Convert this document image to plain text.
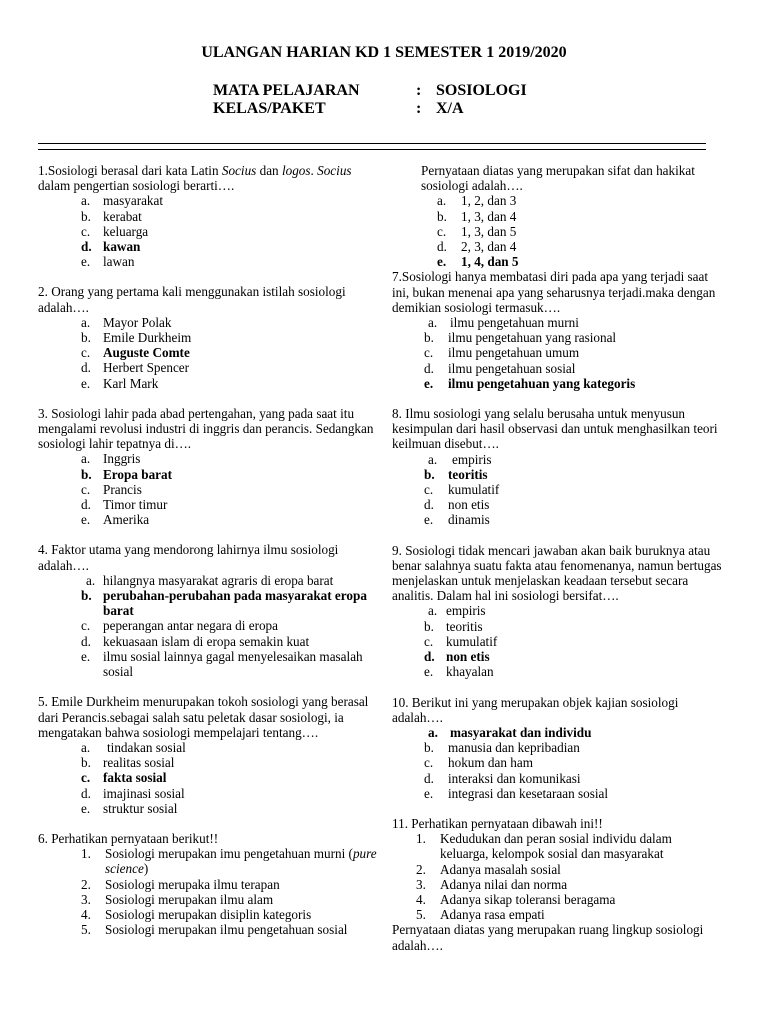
ULANGAN HARIAN KD 1 SEMESTER 1 2019/2020
MATA PELAJARAN	: SOSIOLOGI
KELAS/PAKET	: X/A

1.Sosiologi berasal dari kata Latin Socius dan logos. Socius dalam pengertian sosiologi berarti….

a. masyarakat
b. kerabat
c. keluarga
d. kawan
e. lawan

2. Orang yang pertama kali menggunakan istilah sosiologi adalah….

a. Mayor Polak
b. Emile Durkheim
c. Auguste Comte
d. Herbert Spencer
e. Karl Mark

3. Sosiologi lahir pada abad pertengahan, yang pada saat itu mengalami revolusi industri di inggris dan perancis. Sedangkan sosiologi lahir tepatnya di….

a. Inggris
b. Eropa barat
c. Prancis
d. Timor timur
e. Amerika

4. Faktor utama yang mendorong lahirnya ilmu sosiologi adalah….

a. hilangnya masyarakat agraris di eropa barat
b. perubahan-perubahan pada masyarakat eropa barat
c. peperangan antar negara di eropa
d. kekuasaan islam di eropa semakin kuat
e. ilmu sosial lainnya gagal menyelesaikan masalah sosial

5. Emile Durkheim menurupakan tokoh sosiologi yang berasal dari Perancis.sebagai salah satu peletak dasar sosiologi, ia mengatakan bahwa sosiologi mempelajari tentang….

a.	tindakan sosial
b. realitas sosial
c. fakta sosial
d. imajinasi sosial
e. struktur sosial

6. Perhatikan pernyataan berikut!!

1.	Sosiologi merupakan imu pengetahuan murni (pure science)
2.	Sosiologi merupaka ilmu terapan
3.	Sosiologi merupakan ilmu alam
4.	Sosiologi merupakan disiplin kategoris
5.	Sosiologi merupakan ilmu pengetahuan sosial

Pernyataan diatas yang merupakan sifat dan hakikat sosiologi adalah….

a.	1, 2, dan 3
b.	1, 3, dan 4
c.	1, 3, dan 5
d.	2, 3, dan 4
e.	1, 4, dan 5

7.Sosiologi hanya membatasi diri pada apa yang terjadi saat ini, bukan menenai apa yang seharusnya terjadi.maka dengan demikian sosiologi termasuk….

a. ilmu pengetahuan murni
b.	ilmu pengetahuan yang rasional
c.	ilmu pengetahuan umum
d.	ilmu pengetahuan sosial
e.	ilmu pengetahuan yang kategoris

8. Ilmu sosiologi yang selalu berusaha untuk menyusun kesimpulan dari hasil observasi dan untuk menghasilkan teori keilmuan disebut….

a.	empiris
b.	teoritis
c.	kumulatif
d.	non etis
e.	dinamis

9. Sosiologi tidak mencari jawaban akan baik buruknya atau benar salahnya suatu fakta atau fenomenanya, namun bertugas menjelaskan untuk menjelaskan keadaan tersebut secara analitis. Dalam hal ini sosiologi bersifat….

a. empiris
b. teoritis
c. kumulatif
d. non etis
e. khayalan

10. Berikut ini yang merupakan objek kajian sosiologi adalah….

a. masyarakat dan individu
b.	manusia dan kepribadian
c.	hokum dan ham
d.	interaksi dan komunikasi
e.	integrasi dan kesetaraan sosial

11. Perhatikan pernyataan dibawah ini!!

1.	Kedudukan dan peran sosial individu dalam keluarga, kelompok sosial dan masyarakat
2.	Adanya masalah sosial
3.	Adanya nilai dan norma
4.	Adanya sikap toleransi beragama
5.	Adanya rasa empati

Pernyataan diatas yang merupakan ruang lingkup sosiologi adalah….
